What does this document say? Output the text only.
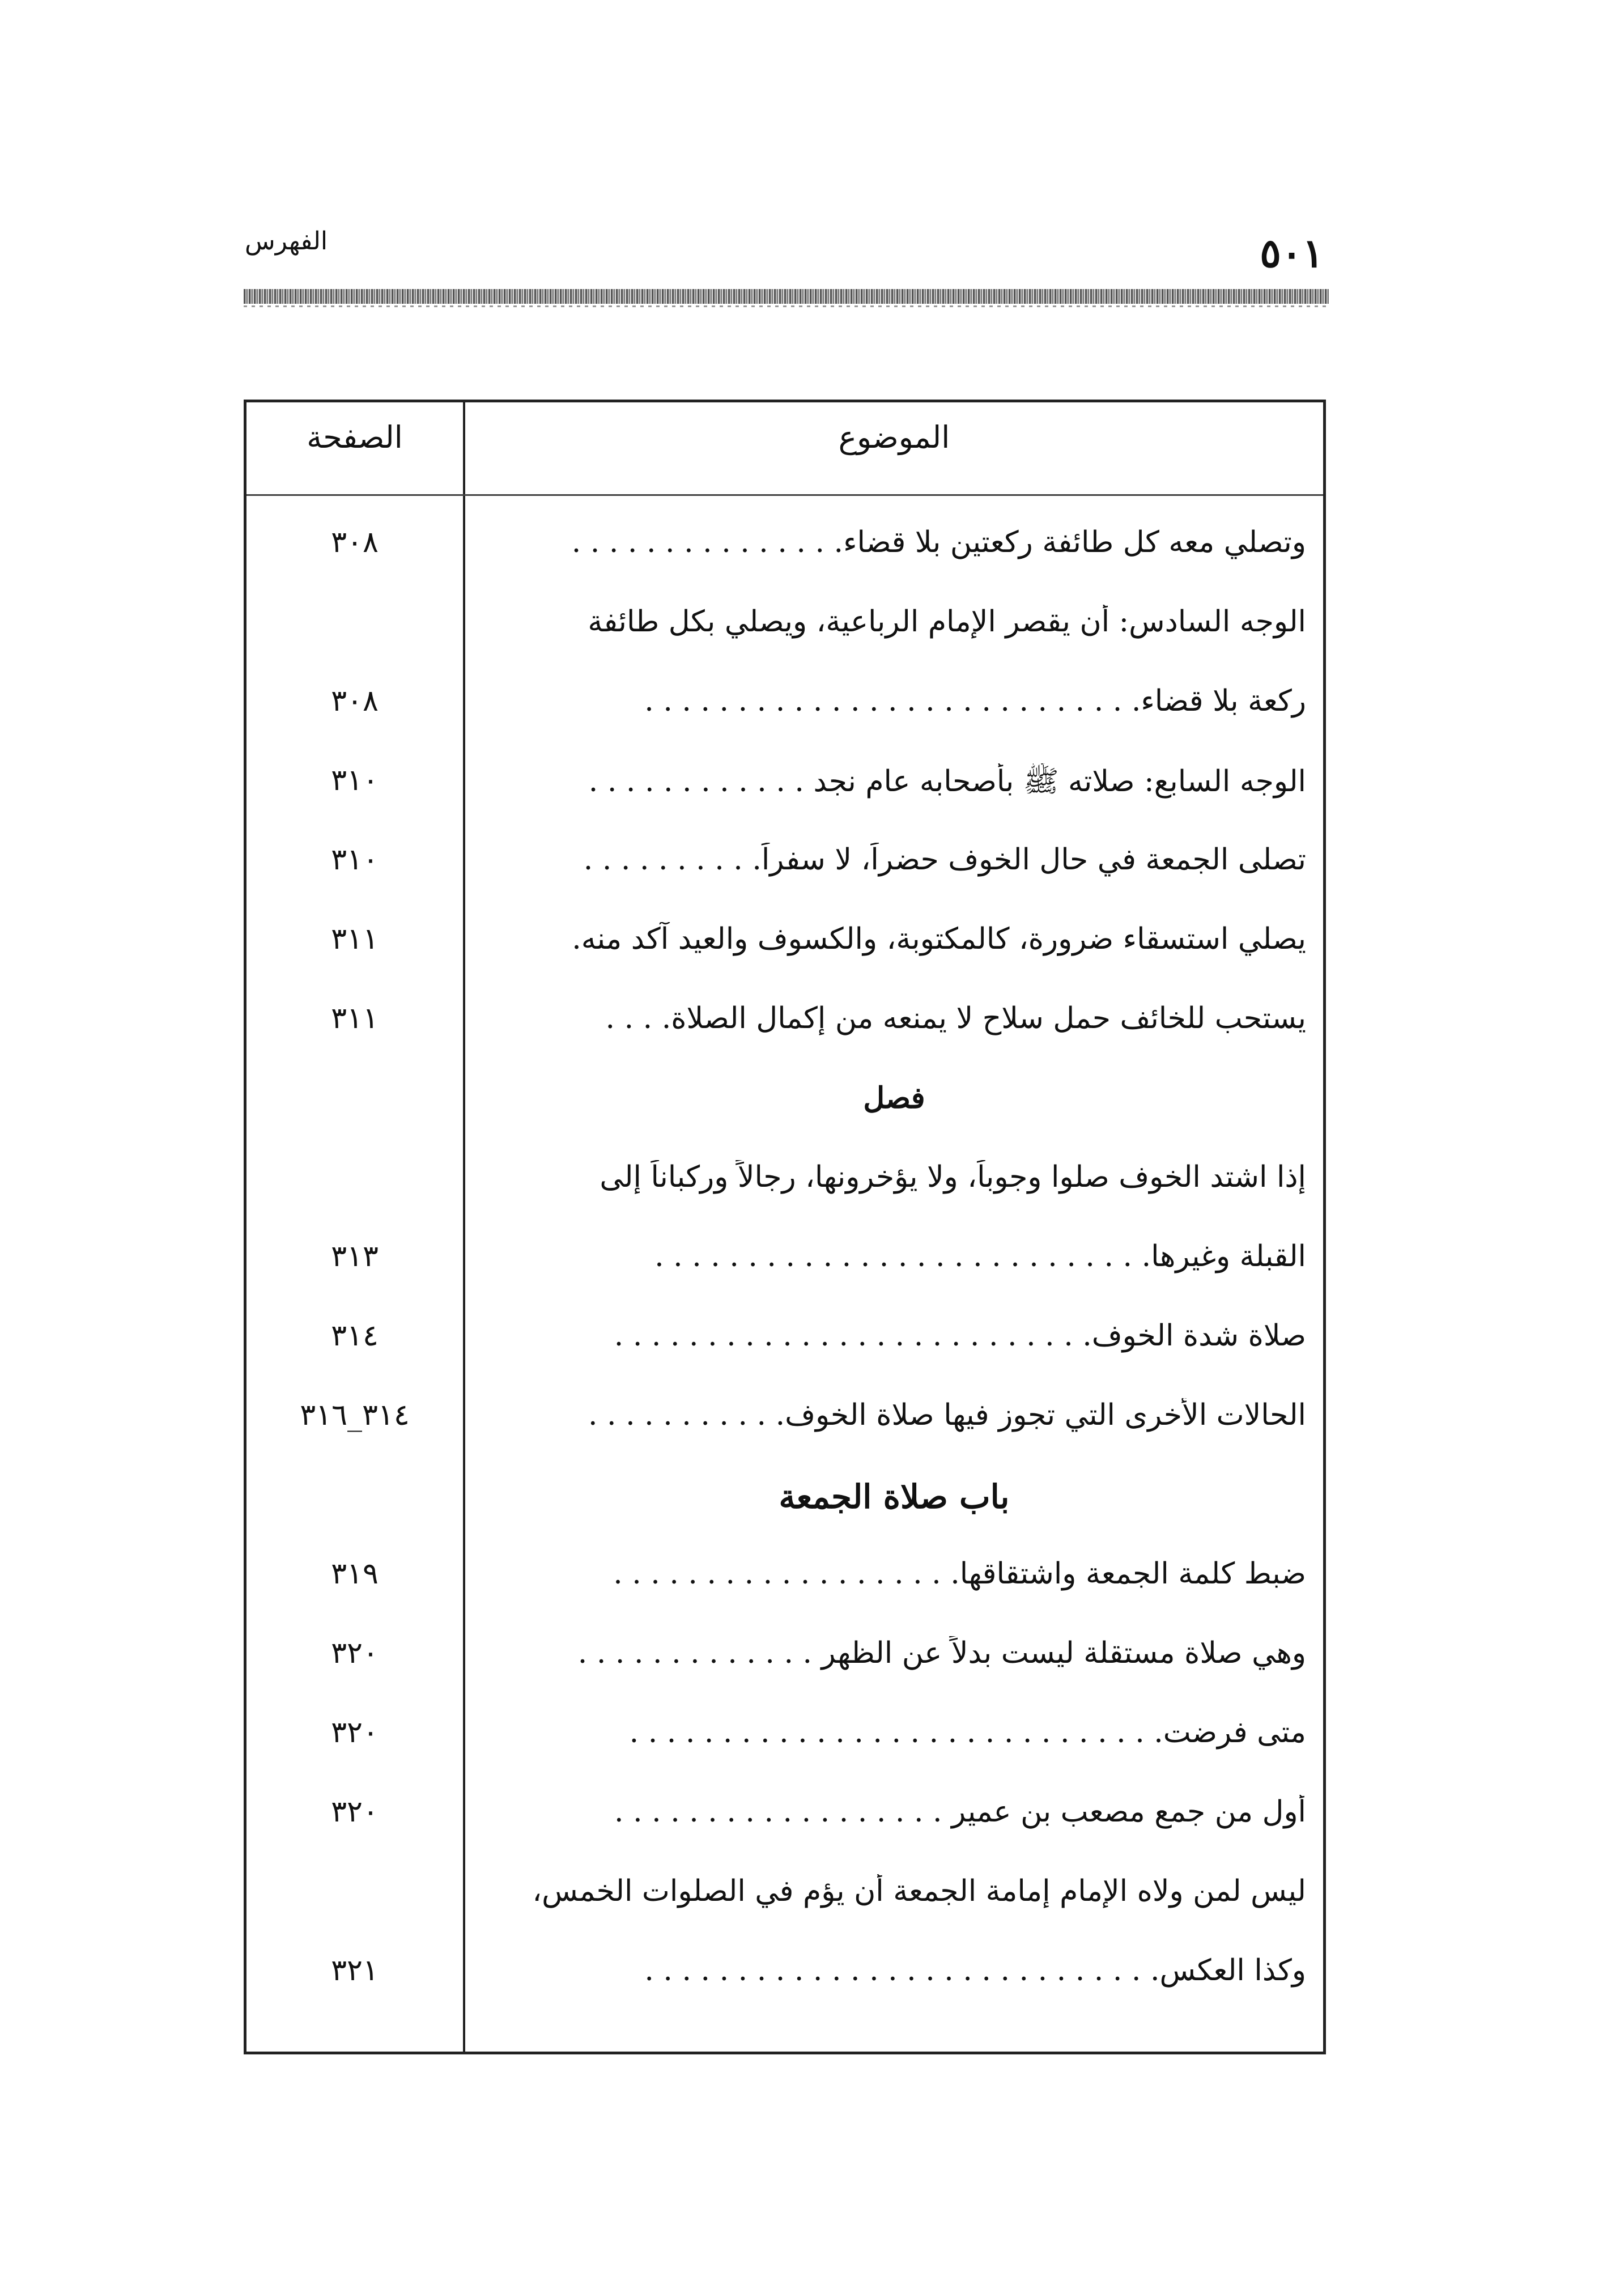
الفهرس	٥٠١
الموضوع
الصفحة
وتصلي معه كل طائفة ركعتين بلا قضاء. . . . . . . . . . . . . . .
٣٠٨
الوجه السادس: أن يقصر الإمام الرباعية، ويصلي بكل طائفة
ركعة بلا قضاء. . . . . . . . . . . . . . . . . . . . . . . . . . .
٣٠٨
الوجه السابع: صلاته ﷺ بأصحابه عام نجد . . . . . . . . . . . .
٣١٠
تصلى الجمعة في حال الخوف حضراً، لا سفراً. . . . . . . . . .
٣١٠
يصلي استسقاء ضرورة، كالمكتوبة، والكسوف والعيد آكد منه.
٣١١
يستحب للخائف حمل سلاح لا يمنعه من إكمال الصلاة. . . .
٣١١
فصل
إذا اشتد الخوف صلوا وجوباً، ولا يؤخرونها، رجالاً وركباناً إلى
القبلة وغيرها. . . . . . . . . . . . . . . . . . . . . . . . . . .
٣١٣
صلاة شدة الخوف. . . . . . . . . . . . . . . . . . . . . . . . . .
٣١٤
الحالات الأخرى التي تجوز فيها صلاة الخوف. . . . . . . . . . .
٣١٤_٣١٦
باب صلاة الجمعة
ضبط كلمة الجمعة واشتقاقها. . . . . . . . . . . . . . . . . . .
٣١٩
وهي صلاة مستقلة ليست بدلاً عن الظهر . . . . . . . . . . . . .
٣٢٠
متى فرضت. . . . . . . . . . . . . . . . . . . . . . . . . . . . .
٣٢٠
أول من جمع مصعب بن عمير . . . . . . . . . . . . . . . . . .
٣٢٠
ليس لمن ولاه الإمام إمامة الجمعة أن يؤم في الصلوات الخمس،
وكذا العكس. . . . . . . . . . . . . . . . . . . . . . . . . . . .
٣٢١
